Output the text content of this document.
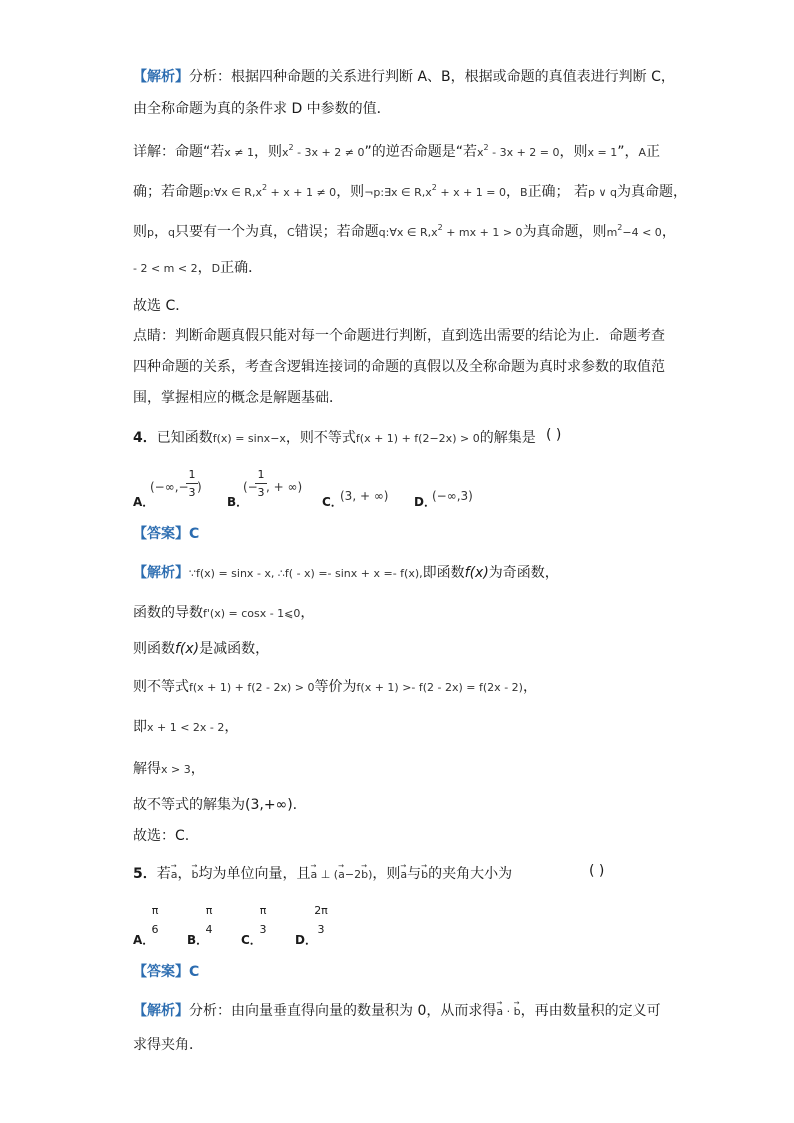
【解析】分析：根据四种命题的关系进行判断 A、B，根据或命题的真值表进行判断 C，
由全称命题为真的条件求 D 中参数的值．
详解：命题“若x ≠ 1，则$x^2 - 3x + 2 \ne 0$”的逆否命题是“若$x^2 - 3x + 2 = 0$，则x = 1”，A正
确；若命题p:∀x ∈ $R,x^2 + x + 1 \ne 0$，则¬p:∃x ∈ $R,x^2 + x + 1 = 0$，B正确； 若p ∨ q为真命题，
则p，q只要有一个为真，C错误；若命题q:∀x ∈ $R,x^2$ + mx + 1 > 0为真命题，则$m^2-4 < 0$，
- 2 < m < 2，D正确．
故选 C．
点睛：判断命题真假只能对每一个命题进行判断，直到选出需要的结论为止．命题考查
四种命题的关系，考查含逻辑连接词的命题的真假以及全称命题为真时求参数的取值范
围，掌握相应的概念是解题基础．
4．已知函数f(x) = sinx−x，则不等式f(x + 1) + f(2−2x) > 0的解集是 ( )
A．
(−∞,−
1
3 )
B．
(−
1
3 , + ∞)
C．
(3, + ∞) D．
(−∞,3)
【答案】C
【解析】∵f(x) = sinx - x, ∴f( - x) =- sinx + x =- f(x),即函数f(x)为奇函数，
函数的导数f'(x) = cosx - 1⩽0，
则函数f(x)是减函数，
则不等式f(x + 1) + f(2 - 2x) > 0等价为f(x + 1) >- f(2 - 2x) = f(2x - 2)，
即x + 1 < 2x - 2，
解得x > 3，
故不等式的解集为(3,+∞).
故选：C.
5．若→ a，→ b均为单位向量，且→ a ⊥ (→ a−2→ b)，则→ a与→ b的夹角大小为	( )
A．
π
6
B．
π
4
C．
π
3
D．
2π
3
【答案】C
【解析】分析：由向量垂直得向量的数量积为 0，从而求得→ a · → b，再由数量积的定义可
求得夹角．
